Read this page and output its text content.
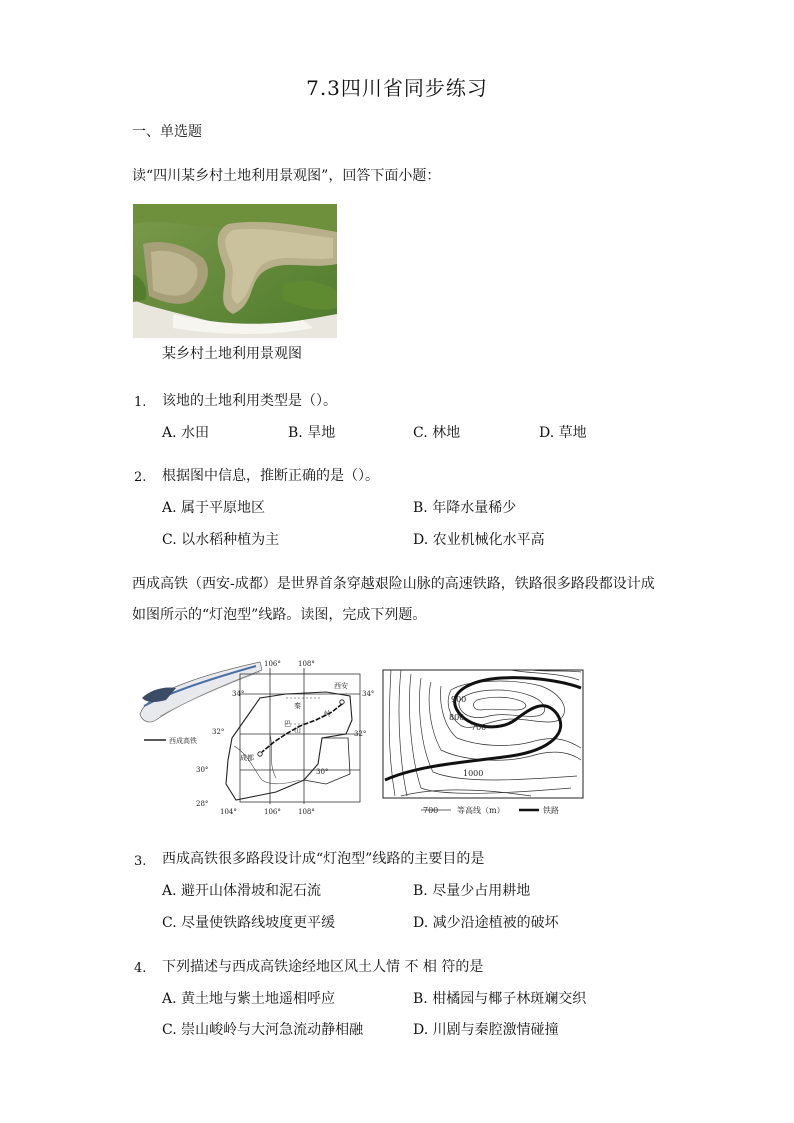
7.3四川省同步练习
一、单选题
读“四川某乡村土地利用景观图”，回答下面小题：
某乡村土地利用景观图
1. 该地的土地利用类型是（）。
A. 水田	B. 旱地	C. 林地	D. 草地
2. 根据图中信息，推断正确的是（）。
A. 属于平原地区	B. 年降水量稀少
C. 以水稻种植为主	D. 农业机械化水平高
西成高铁（西安-成都）是世界首条穿越艰险山脉的高速铁路，铁路很多路段都设计成
如图所示的“灯泡型”线路。读图，完成下列题。
西成高铁
西安
成都
秦
岭
巴
山
106° 108°
104°	106° 108°
34°	34°
32°	32°
30°	30°
28°
900
800
700
1000
700 等高线（m）	铁路
3. 西成高铁很多路段设计成“灯泡型”线路的主要目的是
A. 避开山体滑坡和泥石流	B. 尽量少占用耕地
C. 尽量使铁路线坡度更平缓	D. 减少沿途植被的破坏
4. 下列描述与西成高铁途经地区风土人情 不 相 符的是
A. 黄土地与紫土地遥相呼应	B. 柑橘园与椰子林斑斓交织
C. 崇山峻岭与大河急流动静相融	D. 川剧与秦腔激情碰撞
